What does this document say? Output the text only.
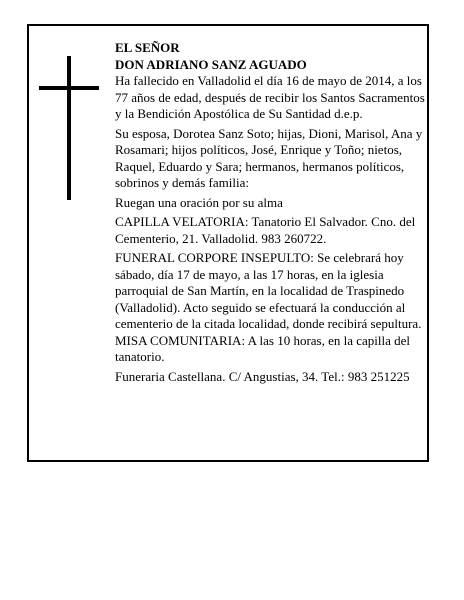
EL SEÑOR

DON ADRIANO SANZ AGUADO

Ha fallecido en Valladolid el día 16 de mayo de 2014, a los 77 años de edad, después de recibir los Santos Sacramentos y la Bendición Apostólica de Su Santidad d.e.p.

Su esposa, Dorotea Sanz Soto; hijas, Dioni, Marisol, Ana y Rosamari; hijos políticos, José, Enrique y Toño; nietos, Raquel, Eduardo y Sara; hermanos, hermanos políticos, sobrinos y demás familia:

Ruegan una oración por su alma

CAPILLA VELATORIA: Tanatorio El Salvador. Cno. del Cementerio, 21. Valladolid. 983 260722.

FUNERAL CORPORE INSEPULTO: Se celebrará hoy sábado, día 17 de mayo, a las 17 horas, en la iglesia parroquial de San Martín, en la localidad de Traspinedo (Valladolid). Acto seguido se efectuará la conducción al cementerio de la citada localidad, donde recibirá sepultura. MISA COMUNITARIA: A las 10 horas, en la capilla del tanatorio.

Funeraria Castellana. C/ Angustias, 34. Tel.: 983 251225
